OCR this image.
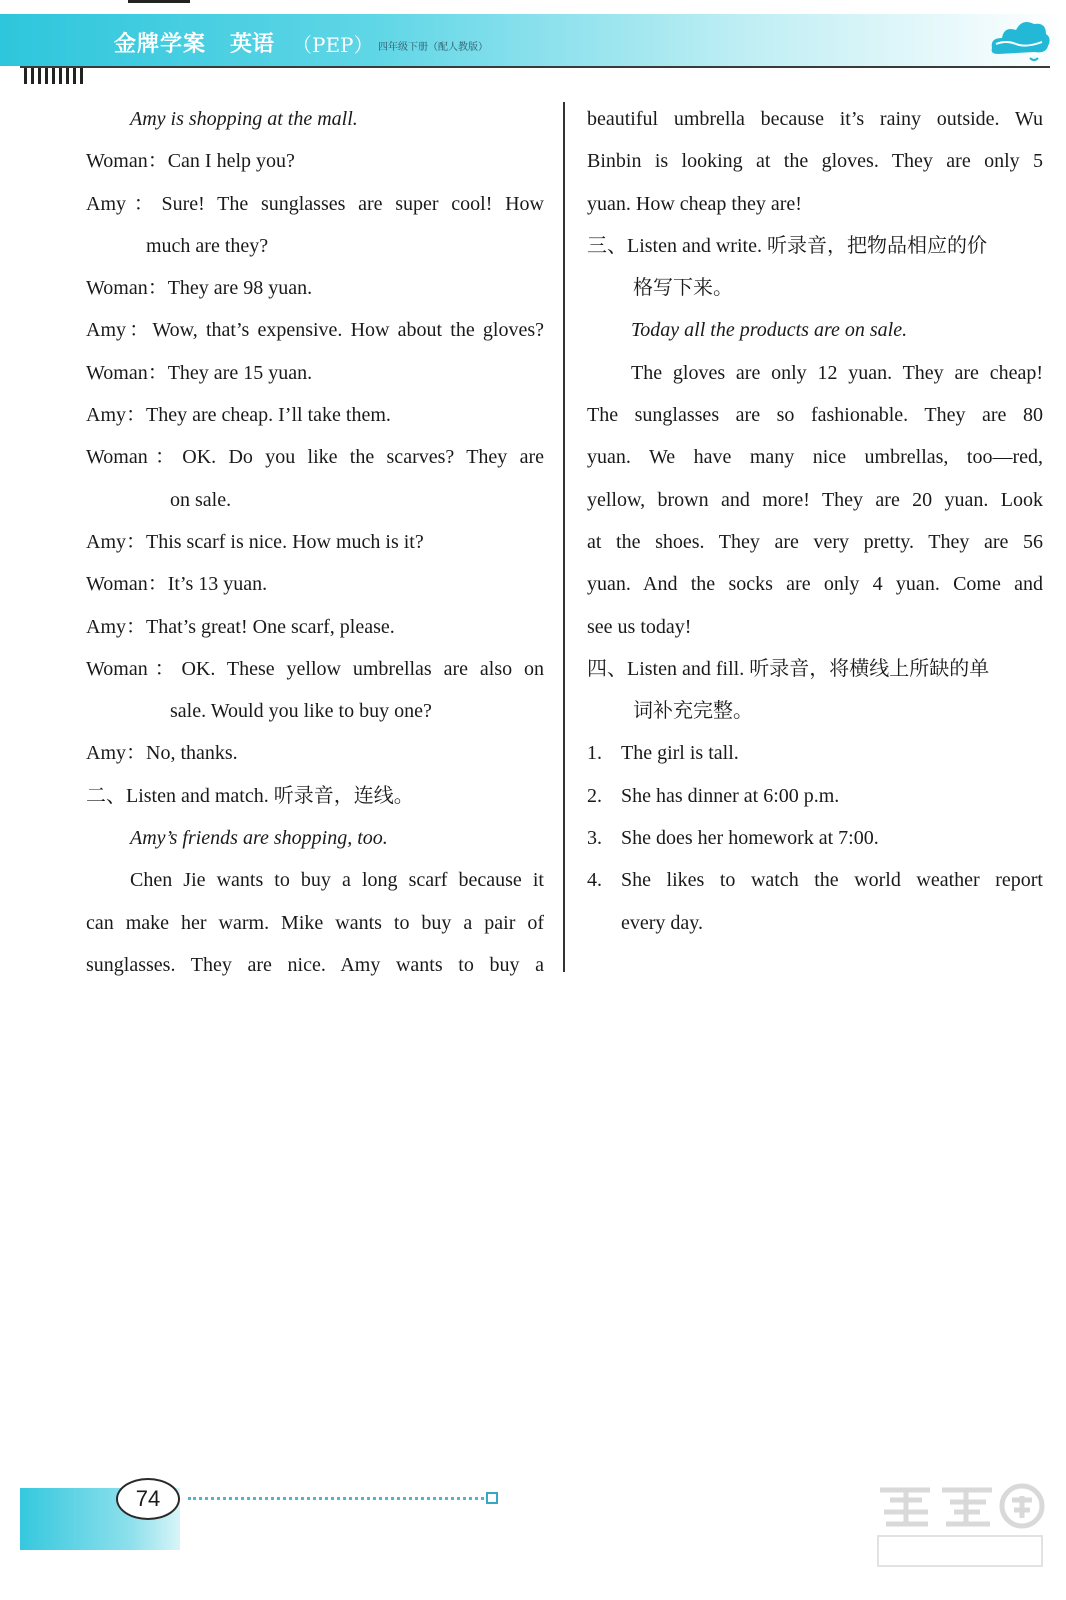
金牌学案 英语 （PEP） 四年级下册（配人教版）
Amy is shopping at the mall.
Woman：Can I help you?
Amy：Sure! The sunglasses are super cool! How
much are they?
Woman：They are 98 yuan.
Amy：Wow, that’s expensive. How about the gloves?
Woman：They are 15 yuan.
Amy：They are cheap. I’ll take them.
Woman：OK. Do you like the scarves? They are
on sale.
Amy：This scarf is nice. How much is it?
Woman：It’s 13 yuan.
Amy：That’s great! One scarf, please.
Woman：OK. These yellow umbrellas are also on
sale. Would you like to buy one?
Amy：No, thanks.
二、Listen and match. 听录音，连线。
Amy’s friends are shopping, too.
Chen Jie wants to buy a long scarf because it
can make her warm. Mike wants to buy a pair of
sunglasses. They are nice. Amy wants to buy a
beautiful umbrella because it’s rainy outside. Wu
Binbin is looking at the gloves. They are only 5
yuan. How cheap they are!
三、Listen and write. 听录音，把物品相应的价
格写下来。
Today all the products are on sale.
The gloves are only 12 yuan. They are cheap!
The sunglasses are so fashionable. They are 80
yuan. We have many nice umbrellas, too—red,
yellow, brown and more! They are 20 yuan. Look
at the shoes. They are very pretty. They are 56
yuan. And the socks are only 4 yuan. Come and
see us today!
四、Listen and fill. 听录音，将横线上所缺的单
词补充完整。
1. The girl is tall.
2. She has dinner at 6:00 p.m.
3. She does her homework at 7:00.
4. She likes to watch the world weather report
every day.
74
